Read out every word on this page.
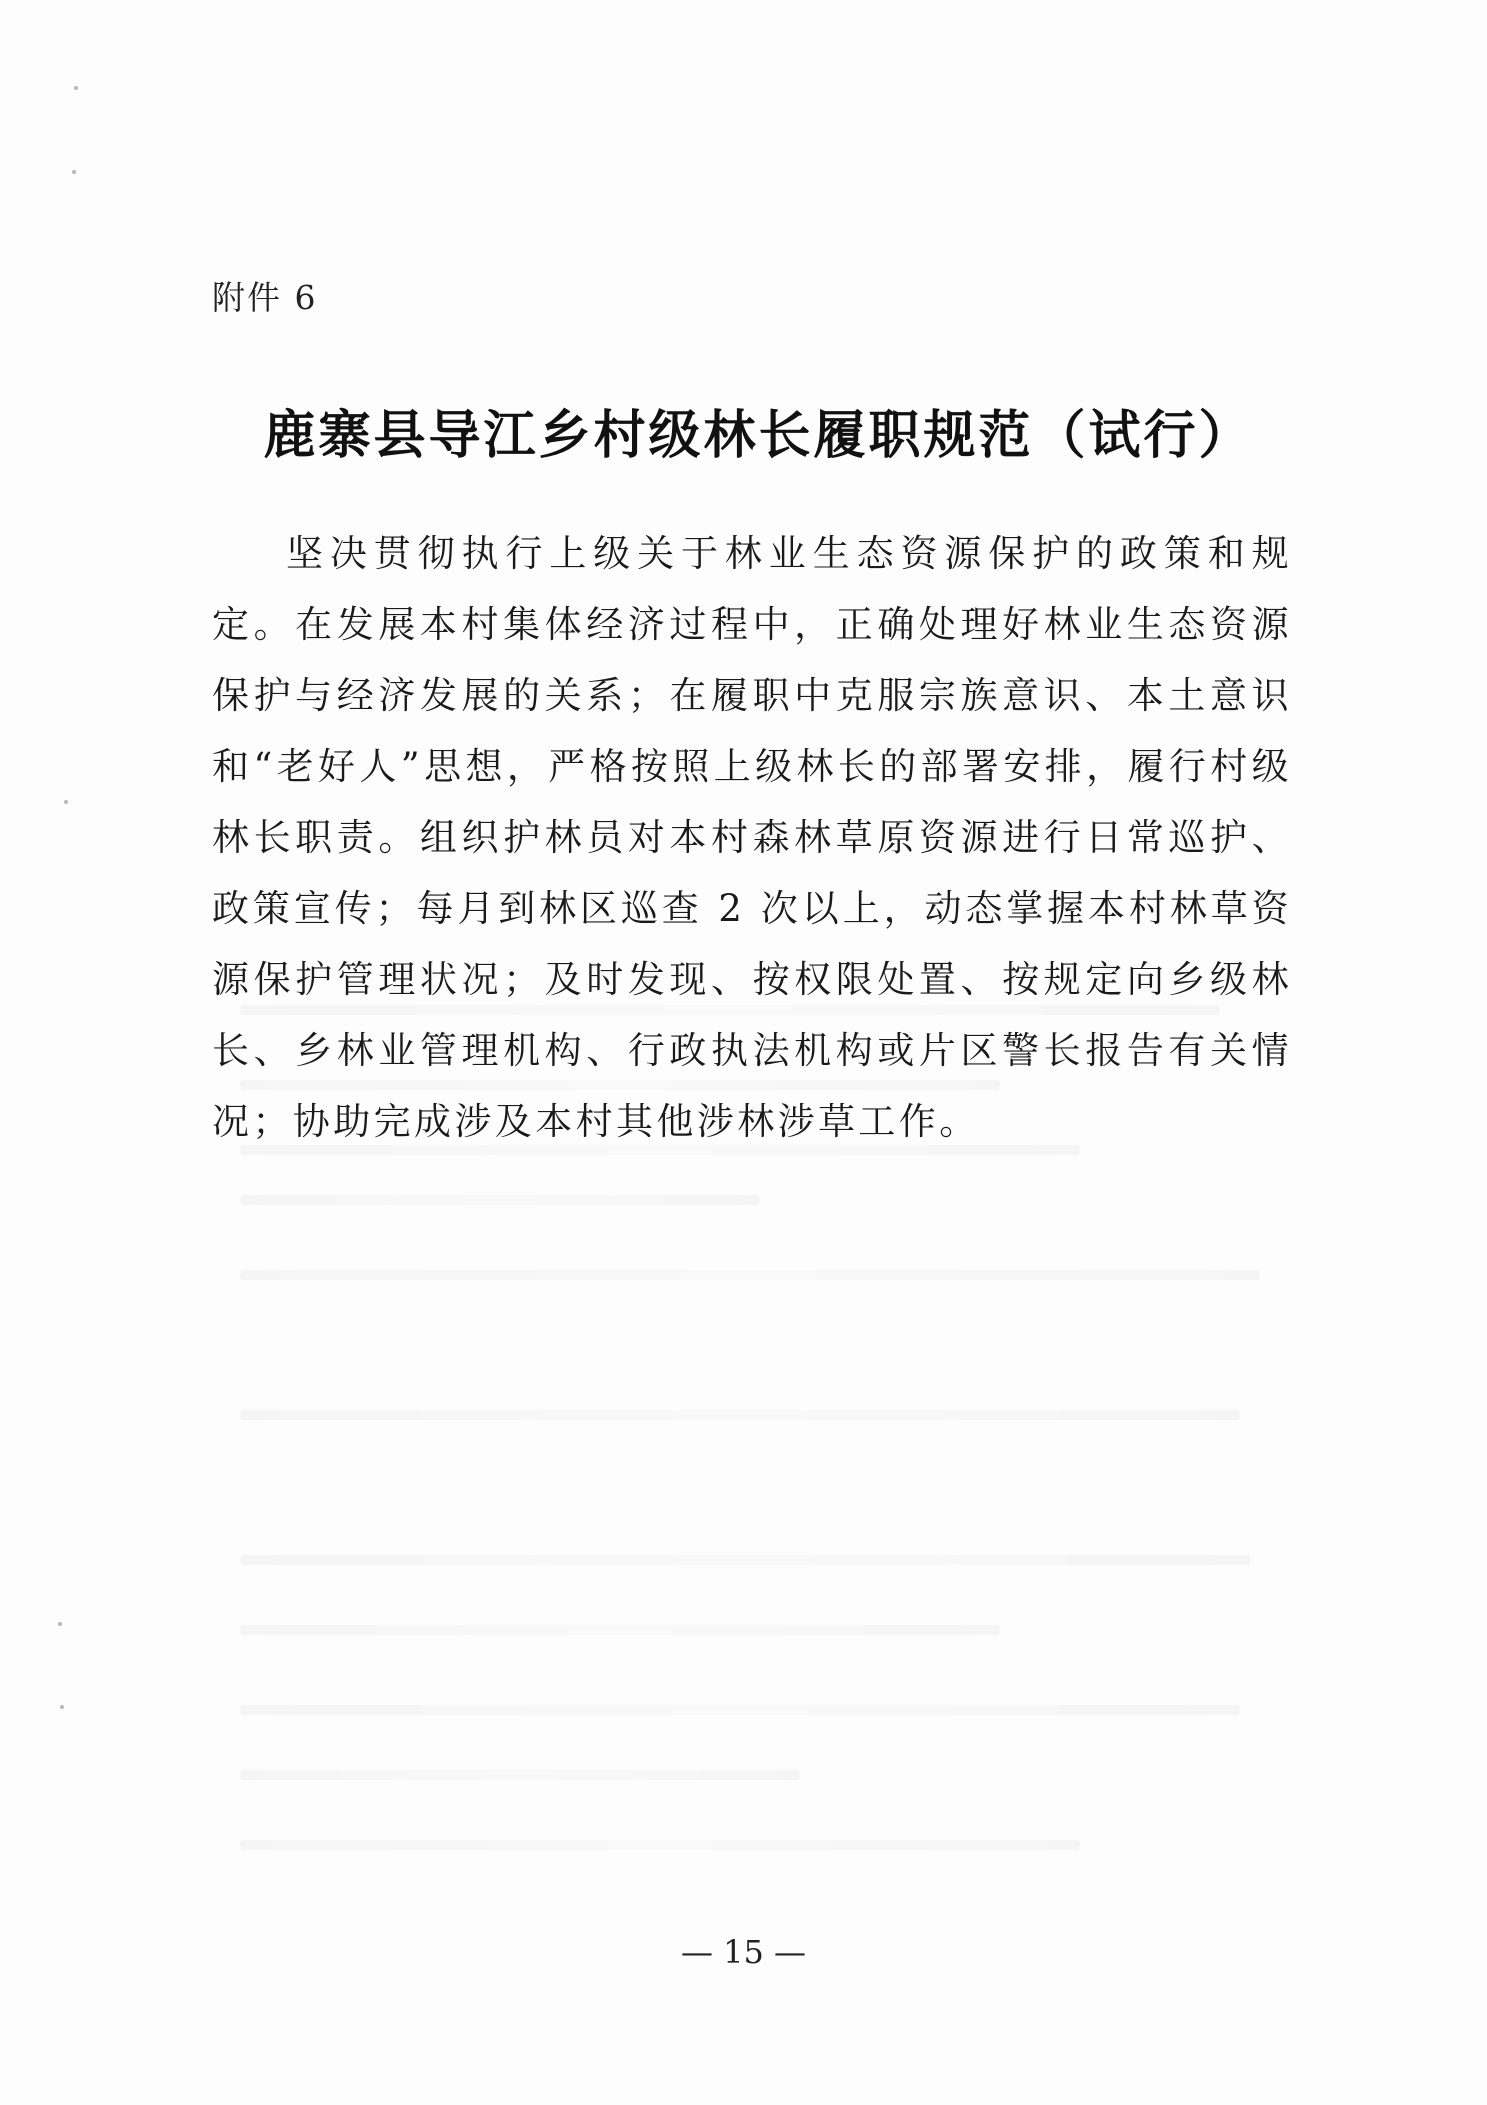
附件 6
鹿寨县导江乡村级林长履职规范（试行）

坚决贯彻执行上级关于林业生态资源保护的政策和规定。在发展本村集体经济过程中，正确处理好林业生态资源保护与经济发展的关系；在履职中克服宗族意识、本土意识和“老好人”思想，严格按照上级林长的部署安排，履行村级林长职责。组织护林员对本村森林草原资源进行日常巡护、政策宣传；每月到林区巡查 2 次以上，动态掌握本村林草资源保护管理状况；及时发现、按权限处置、按规定向乡级林长、乡林业管理机构、行政执法机构或片区警长报告有关情况；协助完成涉及本村其他涉林涉草工作。

— 15 —
